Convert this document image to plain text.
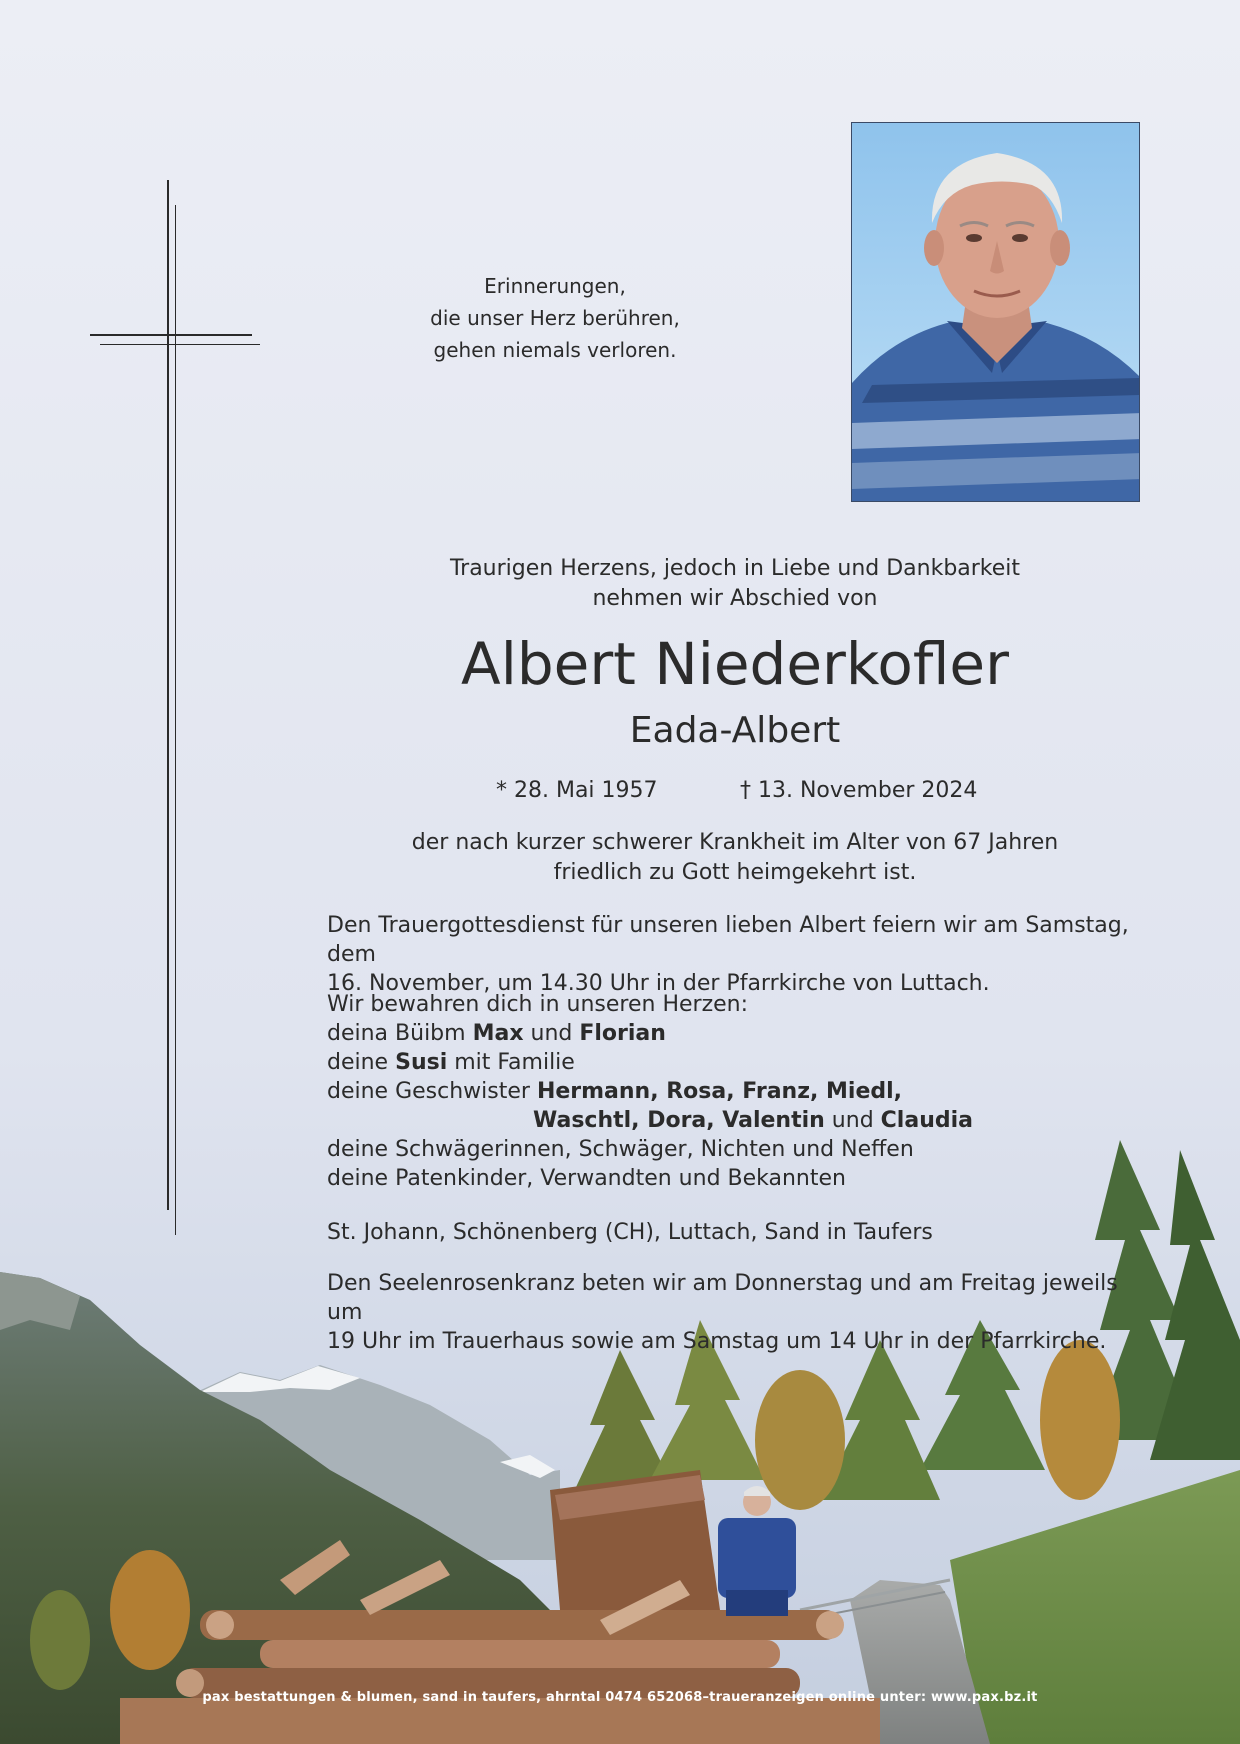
Erinnerungen,
die unser Herz berühren,
gehen niemals verloren.
Traurigen Herzens, jedoch in Liebe und Dankbarkeit
nehmen wir Abschied von
Albert Niederkofler
Eada-Albert
* 28. Mai 1957	† 13. November 2024
der nach kurzer schwerer Krankheit im Alter von 67 Jahren
friedlich zu Gott heimgekehrt ist.
Den Trauergottesdienst für unseren lieben Albert feiern wir am Samstag, dem
16. November, um 14.30 Uhr in der Pfarrkirche von Luttach.
Wir bewahren dich in unseren Herzen:
deina Büibm Max und Florian
deine Susi mit Familie
deine Geschwister Hermann, Rosa, Franz, Miedl,
Waschtl, Dora, Valentin und Claudia
deine Schwägerinnen, Schwäger, Nichten und Neffen
deine Patenkinder, Verwandten und Bekannten
St. Johann, Schönenberg (CH), Luttach, Sand in Taufers
Den Seelenrosenkranz beten wir am Donnerstag und am Freitag jeweils um
19 Uhr im Trauerhaus sowie am Samstag um 14 Uhr in der Pfarrkirche.
pax bestattungen & blumen, sand in taufers, ahrntal 0474 652068–traueranzeigen online unter: www.pax.bz.it
